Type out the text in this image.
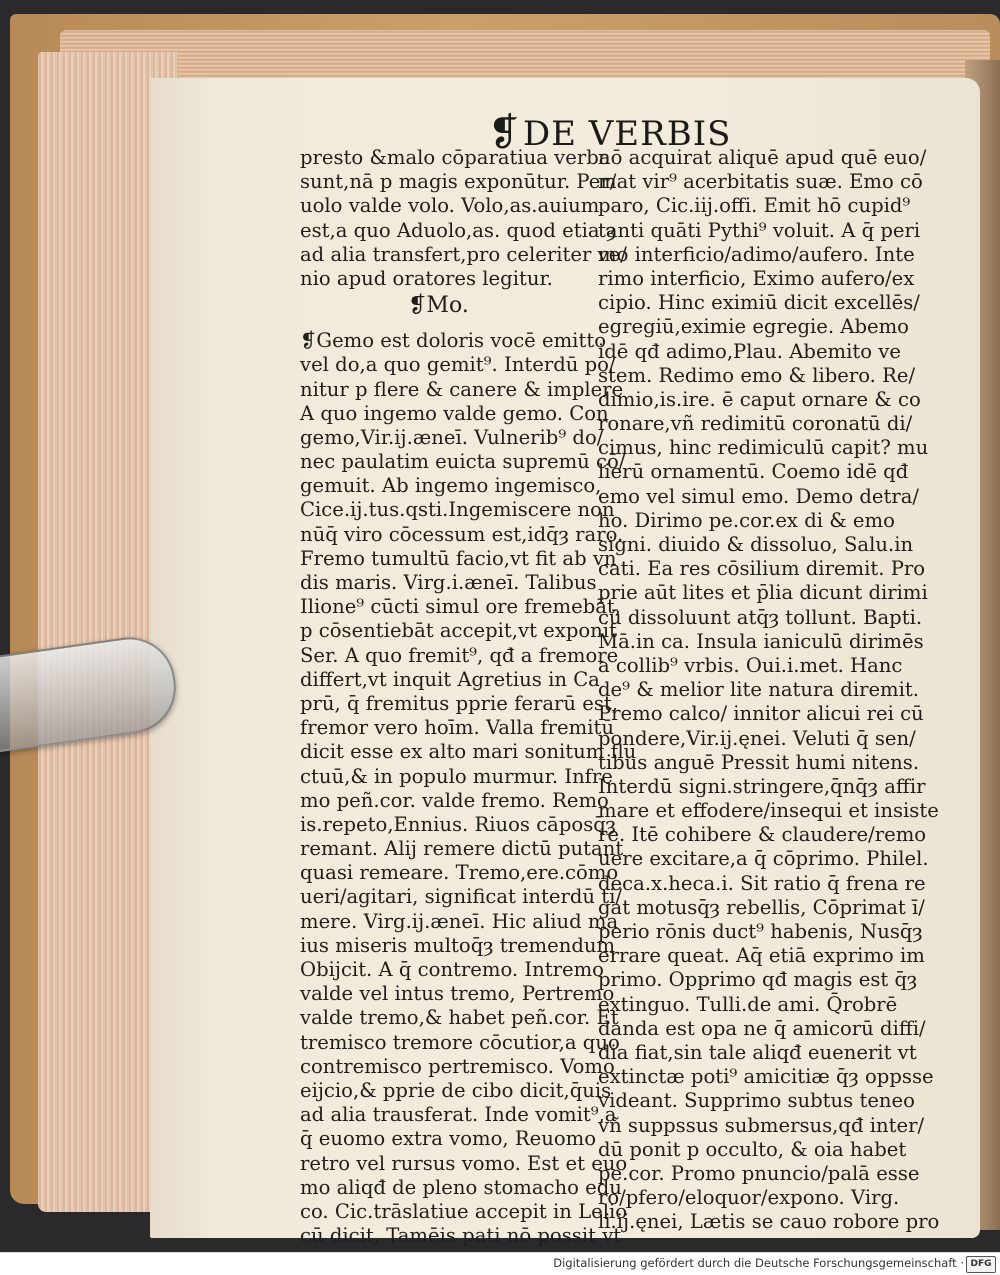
❡DE VERBIS
presto &malo cōparatiua verba
sunt,nā p magis exponūtur. Per/
uolo valde volo. Volo,as.auium
est,a quo Aduolo,as. quod etia ȝ
ad alia transfert,pro celeriter ve/
nio apud oratores legitur.
❡Mo.
❡Gemo est doloris vocē emitto
vel do,a quo gemit⁹. Interdū po/
nitur p flere & canere & implere
A quo ingemo valde gemo. Con
gemo,Vir.ij.æneī. Vulnerib⁹ do/
nec paulatim euicta supremū cō/
gemuit. Ab ingemo ingemisco,
Cice.ij.tus.qsti.Ingemiscere non
nūq̄ viro cōcessum est,idq̄ȝ raro.
Fremo tumultū facio,vt fit ab vn
dis maris. Virg.i.æneī. Talibus
Ilione⁹ cūcti simul ore fremebāt,
p cōsentiebāt accepit,vt exponit
Ser. A quo fremit⁹, qđ a fremore
differt,vt inquit Agretius in Ca
prū, q̄ fremitus pprie ferarū est,
fremor vero hoīm. Valla fremitū
dicit esse ex alto mari sonitum flu
ctuū,& in populo murmur. Infre
mo peñ.cor. valde fremo. Remo
is.repeto,Ennius. Riuos cāposq̄ȝ
remant. Alij remere dictū putant
quasi remeare. Tremo,ere.cōmo
ueri/agitari, significat interdū ti/
mere. Virg.ij.æneī. Hic aliud ma
ius miseris multoq̄ȝ tremendum
Obijcit. A q̄ contremo. Intremo
valde vel intus tremo, Pertremo
valde tremo,& habet peñ.cor. Et
tremisco tremore cōcutior,a quo
contremisco pertremisco. Vomo
eijcio,& pprie de cibo dicit,q̄uis
ad alia trausferat. Inde vomit⁹,a
q̄ euomo extra vomo, Reuomo
retro vel rursus vomo. Est et euo
mo aliqđ de pleno stomacho edu
co. Cic.trāslatiue accepit in Lelio
cū dicit, Tamēis pati nō possit vt
nō acquirat aliquē apud quē euo/
mat vir⁹ acerbitatis suæ. Emo cō
paro, Cic.iij.offi. Emit hō cupid⁹
tanti quāti Pythi⁹ voluit. A q̄ peri
mo interficio/adimo/aufero. Inte
rimo interficio, Eximo aufero/ex
cipio. Hinc eximiū dicit excellēs/
egregiū,eximie egregie. Abemo
idē qđ adimo,Plau. Abemito ve
stem. Redimo emo & libero. Re/
dimio,is.ire. ē caput ornare & co
ronare,vñ redimitū coronatū di/
cimus, hinc redimiculū capit? mu
lierū ornamentū. Coemo idē qđ
emo vel simul emo. Demo detra/
ho. Dirimo pe.cor.ex di & emo
signi. diuido & dissoluo, Salu.in
cati. Ea res cōsilium diremit. Pro
prie aūt lites et p̄lia dicunt dirimi
cū dissoluunt atq̄ȝ tollunt. Bapti.
Mā.in ca. Insula ianiculū dirimēs
a collib⁹ vrbis. Oui.i.met. Hanc
de⁹ & melior lite natura diremit.
Premo calco/ innitor alicui rei cū
pondere,Vir.ij.ęnei. Veluti q̄ sen/
tibus anguē Pressit humi nitens.
Interdū signi.stringere,q̄nq̄ȝ affir
mare et effodere/insequi et insiste
re. Itē cohibere & claudere/remo
uere excitare,a q̄ cōprimo. Philel.
deca.x.heca.i. Sit ratio q̄ frena re
gat motusq̄ȝ rebellis, Cōprimat ī/
perio rōnis duct⁹ habenis, Nusq̄ȝ
errare queat. Aq̄ etiā exprimo im
primo. Opprimo qđ magis est q̄ȝ
extinguo. Tulli.de ami. Q̄robrē
danda est opa ne q̄ amicorū diffi/
dia fiat,sin tale aliqđ euenerit vt
extinctæ poti⁹ amicitiæ q̄ȝ oppsse
videant. Supprimo subtus teneo
vñ suppssus submersus,qđ inter/
dū ponit p occulto, & oia habet
pe.cor. Promo pnuncio/palā esse
ro/pfero/eloquor/expono. Virg.
li.ij.ęnei, Lætis se cauo robore pro
Digitalisierung gefördert durch die Deutsche Forschungsgemeinschaft · DFG
